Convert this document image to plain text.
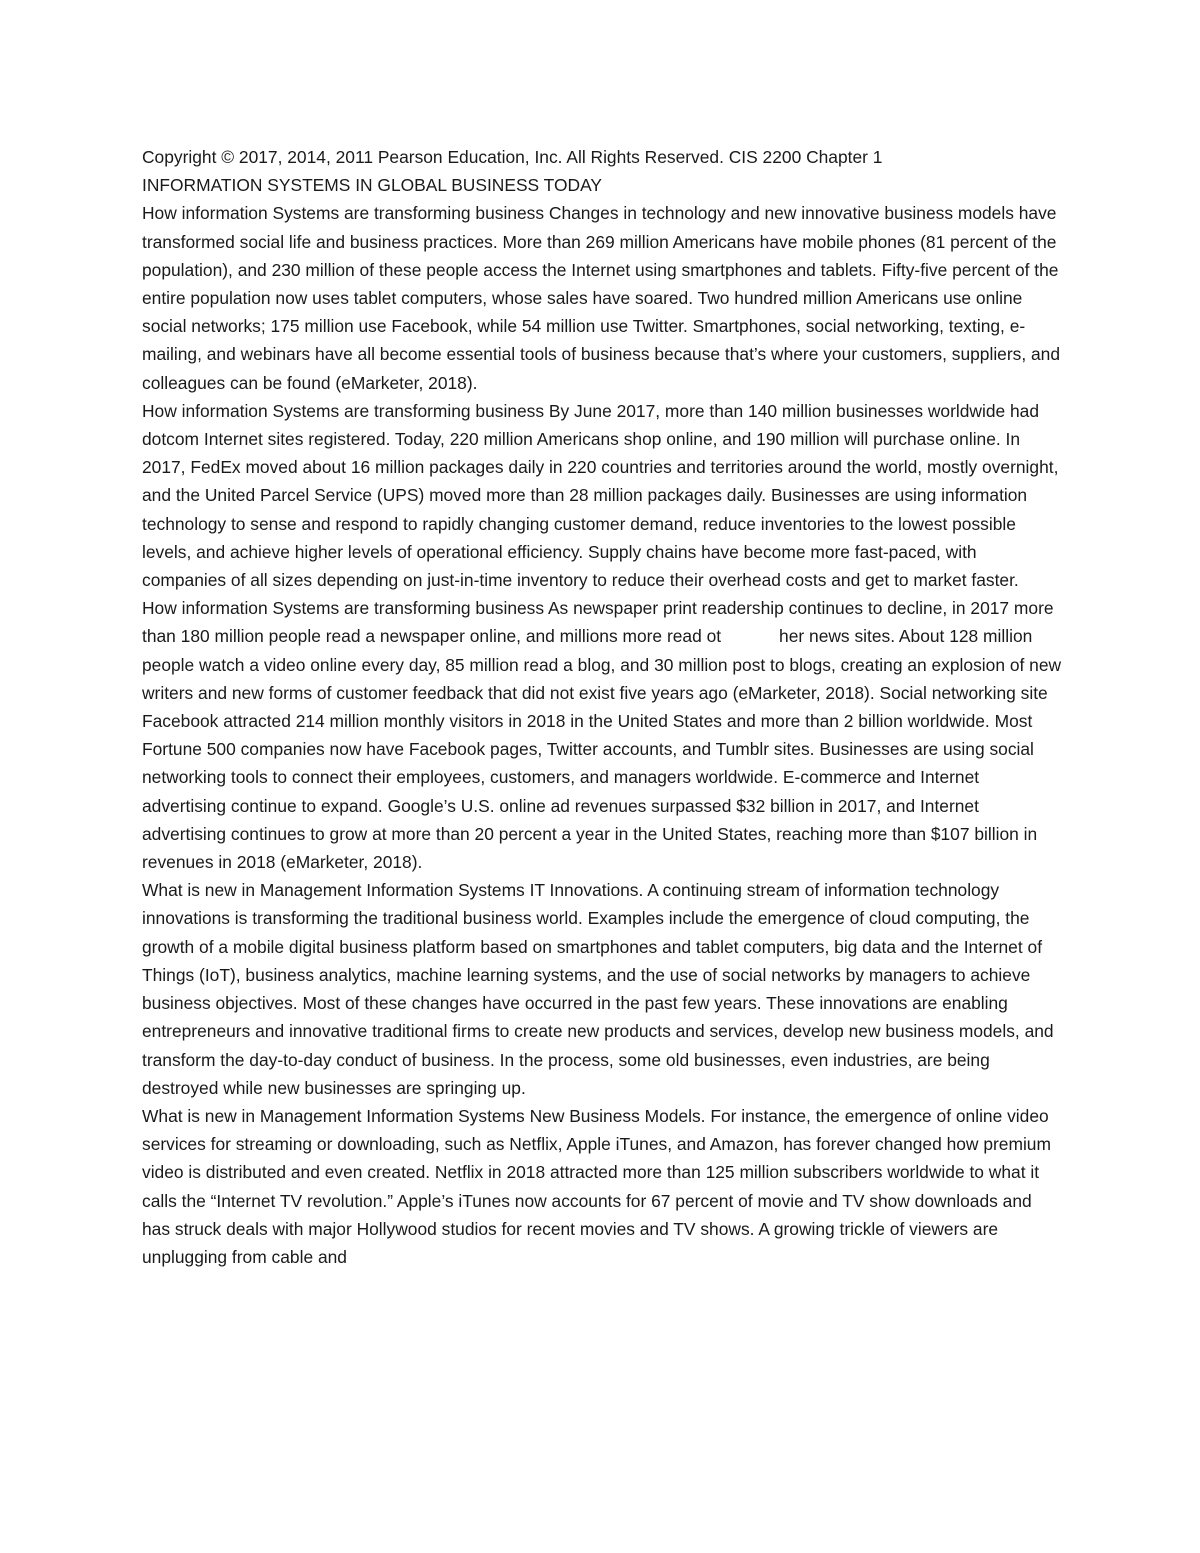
Copyright © 2017, 2014, 2011 Pearson Education, Inc. All Rights Reserved. CIS 2200 Chapter 1

INFORMATION SYSTEMS IN GLOBAL BUSINESS TODAY

How information Systems are transforming business Changes in technology and new innovative business models have transformed social life and business practices. More than 269 million Americans have mobile phones (81 percent of the population), and 230 million of these people access the Internet using smartphones and tablets. Fifty-five percent of the entire population now uses tablet computers, whose sales have soared. Two hundred million Americans use online social networks; 175 million use Facebook, while 54 million use Twitter. Smartphones, social networking, texting, e-mailing, and webinars have all become essential tools of business because that’s where your customers, suppliers, and colleagues can be found (eMarketer, 2018).

How information Systems are transforming business By June 2017, more than 140 million businesses worldwide had dotcom Internet sites registered. Today, 220 million Americans shop online, and 190 million will purchase online. In 2017, FedEx moved about 16 million packages daily in 220 countries and territories around the world, mostly overnight, and the United Parcel Service (UPS) moved more than 28 million packages daily. Businesses are using information technology to sense and respond to rapidly changing customer demand, reduce inventories to the lowest possible levels, and achieve higher levels of operational efficiency. Supply chains have become more fast-paced, with companies of all sizes depending on just-in-time inventory to reduce their overhead costs and get to market faster.

How information Systems are transforming business As newspaper print readership continues to decline, in 2017 more than 180 million people read a newspaper online, and millions more read ot            her news sites. About 128 million people watch a video online every day, 85 million read a blog, and 30 million post to blogs, creating an explosion of new writers and new forms of customer feedback that did not exist five years ago (eMarketer, 2018). Social networking site Facebook attracted 214 million monthly visitors in 2018 in the United States and more than 2 billion worldwide. Most Fortune 500 companies now have Facebook pages, Twitter accounts, and Tumblr sites. Businesses are using social networking tools to connect their employees, customers, and managers worldwide. E-commerce and Internet advertising continue to expand. Google’s U.S. online ad revenues surpassed $32 billion in 2017, and Internet advertising continues to grow at more than 20 percent a year in the United States, reaching more than $107 billion in revenues in 2018 (eMarketer, 2018).

What is new in Management Information Systems IT Innovations. A continuing stream of information technology innovations is transforming the traditional business world. Examples include the emergence of cloud computing, the growth of a mobile digital business platform based on smartphones and tablet computers, big data and the Internet of Things (IoT), business analytics, machine learning systems, and the use of social networks by managers to achieve business objectives. Most of these changes have occurred in the past few years. These innovations are enabling entrepreneurs and innovative traditional firms to create new products and services, develop new business models, and transform the day-to-day conduct of business. In the process, some old businesses, even industries, are being destroyed while new businesses are springing up.

What is new in Management Information Systems New Business Models. For instance, the emergence of online video services for streaming or downloading, such as Netflix, Apple iTunes, and Amazon, has forever changed how premium video is distributed and even created. Netflix in 2018 attracted more than 125 million subscribers worldwide to what it calls the “Internet TV revolution.” Apple’s iTunes now accounts for 67 percent of movie and TV show downloads and has struck deals with major Hollywood studios for recent movies and TV shows. A growing trickle of viewers are unplugging from cable and
